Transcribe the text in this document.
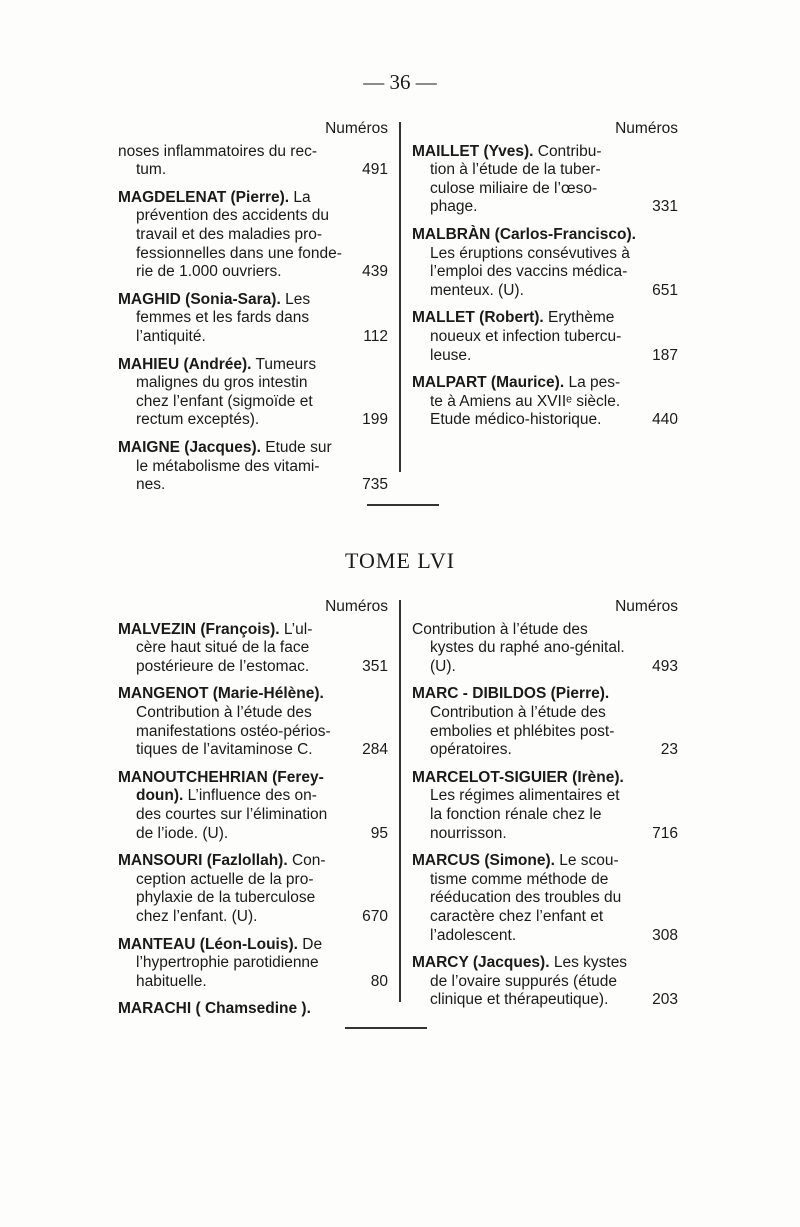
— 36 —
Numéros
noses inflammatoires du rec-
tum.	491
MAGDELENAT (Pierre). La
prévention des accidents du
travail et des maladies pro-
fessionnelles dans une fonde-
rie de 1.000 ouvriers.	439
MAGHID (Sonia-Sara). Les
femmes et les fards dans
l’antiquité.	112
MAHIEU (Andrée). Tumeurs
malignes du gros intestin
chez l’enfant (sigmoïde et
rectum exceptés).	199
MAIGNE (Jacques). Etude sur
le métabolisme des vitami-
nes.	735
Numéros
MAILLET (Yves). Contribu-
tion à l’étude de la tuber-
culose miliaire de l’œso-
phage.	331
MALBRÀN (Carlos-Francisco).
Les éruptions consévutives à
l’emploi des vaccins médica-
menteux. (U).	651
MALLET (Robert). Erythème
noueux et infection tubercu-
leuse.	187
MALPART (Maurice). La pes-
te à Amiens au XVIIᵉ siècle.
Etude médico-historique.	440
TOME LVI
Numéros
MALVEZIN (François). L’ul-
cère haut situé de la face
postérieure de l’estomac.	351
MANGENOT (Marie-Hélène).
Contribution à l’étude des
manifestations ostéo-périos-
tiques de l’avitaminose C.	284
MANOUTCHEHRIAN (Ferey-
doun). L’influence des on-
des courtes sur l’élimination
de l’iode. (U).	95
MANSOURI (Fazlollah). Con-
ception actuelle de la pro-
phylaxie de la tuberculose
chez l’enfant. (U).	670
MANTEAU (Léon-Louis). De
l’hypertrophie parotidienne
habituelle.	80
MARACHI ( Chamsedine ).
Numéros
Contribution à l’étude des
kystes du raphé ano-génital.
(U).	493
MARC - DIBILDOS (Pierre).
Contribution à l’étude des
embolies et phlébites post-
opératoires.	23
MARCELOT-SIGUIER (Irène).
Les régimes alimentaires et
la fonction rénale chez le
nourrisson.	716
MARCUS (Simone). Le scou-
tisme comme méthode de
rééducation des troubles du
caractère chez l’enfant et
l’adolescent.	308
MARCY (Jacques). Les kystes
de l’ovaire suppurés (étude
clinique et thérapeutique).	203
